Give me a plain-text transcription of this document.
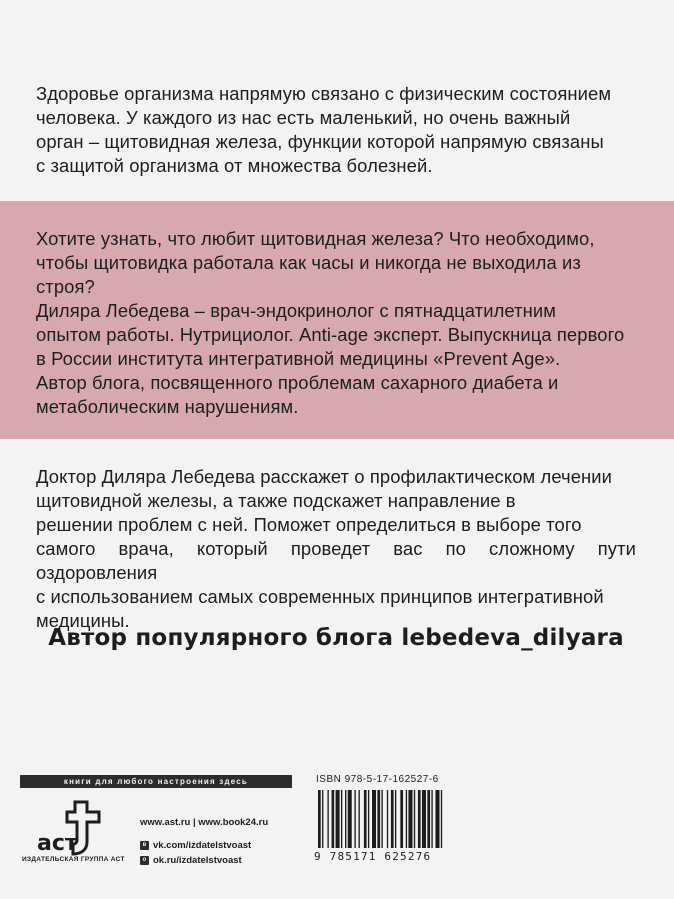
Здоровье организма напрямую связано с физическим состоянием
человека. У каждого из нас есть маленький, но очень важный
орган – щитовидная железа, функции которой напрямую связаны
с защитой организма от множества болезней.
Хотите узнать, что любит щитовидная железа? Что необходимо,
чтобы щитовидка работала как часы и никогда не выходила из
строя?
Диляра Лебедева – врач-эндокринолог с пятнадцатилетним
опытом работы. Нутрициолог. Anti-age эксперт. Выпускница первого
в России института интегративной медицины «Prevent Age».
Автор блога, посвященного проблемам сахарного диабета и
метаболическим нарушениям.
Доктор Диляра Лебедева расскажет о профилактическом лечении
щитовидной железы, а также подскажет направление в
решении проблем с ней. Поможет определиться в выборе того
самого врача, который проведет вас по сложному пути оздоровления
с использованием самых современных принципов интегративной медицины.
Автор популярного блога lebedeva_dilyara
книги для любого настроения здесь
аст
ИЗДАТЕЛЬСКАЯ ГРУППА АСТ
www.ast.ru | www.book24.ru
в vk.com/izdatelstvoast
о ok.ru/izdatelstvoast
ISBN 978-5-17-162527-6
9 785171 625276
